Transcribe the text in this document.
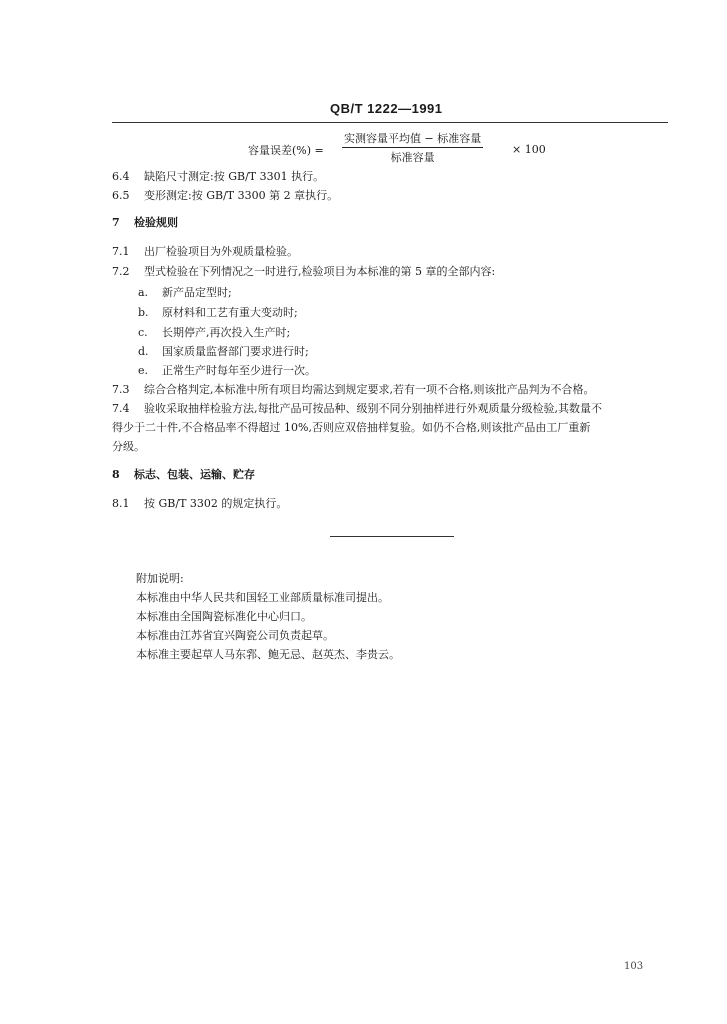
QB/T 1222—1991
容量误差(%) =
实测容量平均值 − 标准容量
标准容量
× 100
6.4 缺陷尺寸测定:按 GB/T 3301 执行。
6.5 变形测定:按 GB/T 3300 第 2 章执行。
7 检验规则
7.1 出厂检验项目为外观质量检验。
7.2 型式检验在下列情况之一时进行,检验项目为本标准的第 5 章的全部内容:
a. 新产品定型时;
b. 原材料和工艺有重大变动时;
c. 长期停产,再次投入生产时;
d. 国家质量监督部门要求进行时;
e. 正常生产时每年至少进行一次。
7.3 综合合格判定,本标准中所有项目均需达到规定要求,若有一项不合格,则该批产品判为不合格。
7.4 验收采取抽样检验方法,每批产品可按品种、级别不同分别抽样进行外观质量分级检验,其数量不
得少于二十件,不合格品率不得超过 10%,否则应双倍抽样复验。如仍不合格,则该批产品由工厂重新
分级。
8 标志、包装、运输、贮存
8.1 按 GB/T 3302 的规定执行。
附加说明:
本标准由中华人民共和国轻工业部质量标准司提出。
本标准由全国陶瓷标准化中心归口。
本标准由江苏省宜兴陶瓷公司负责起草。
本标准主要起草人马东郛、鲍无忌、赵英杰、李贵云。
103
